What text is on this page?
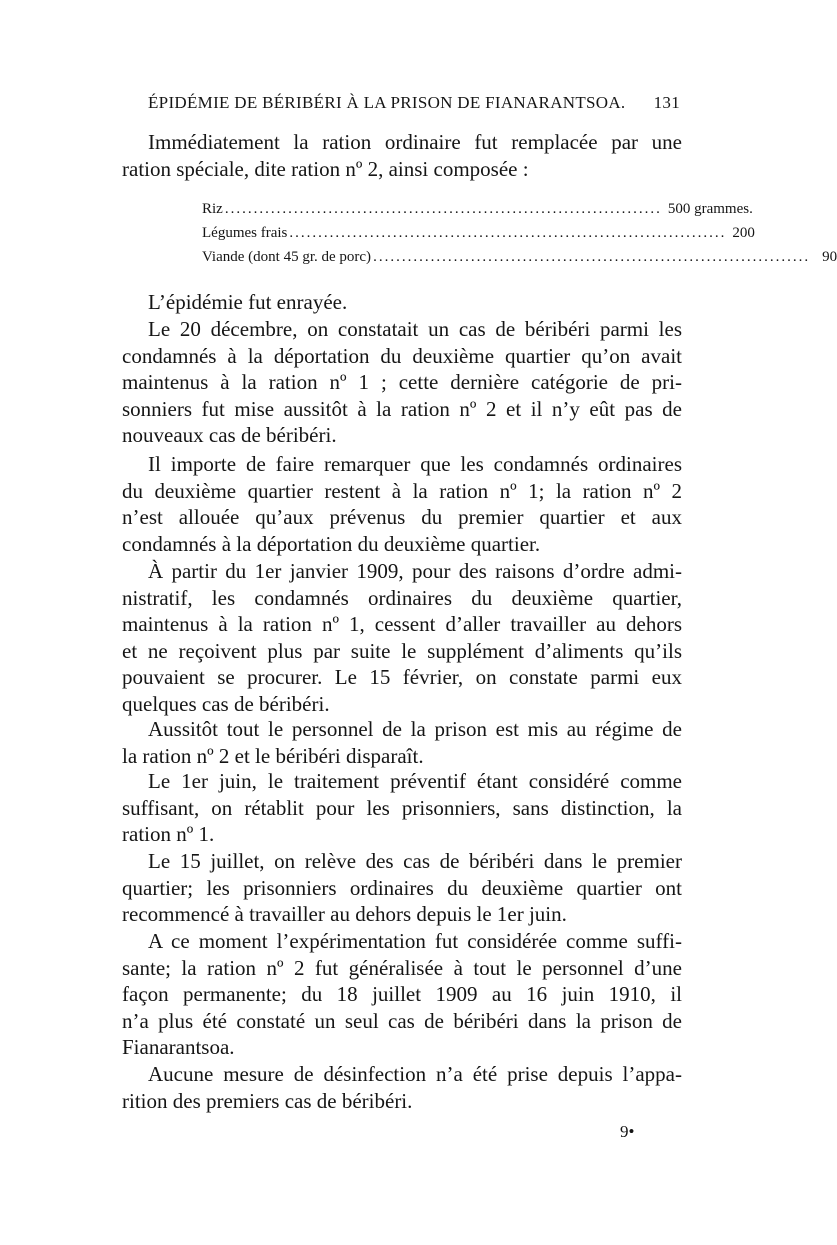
ÉPIDÉMIE DE BÉRIBÉRI À LA PRISON DE FIANARANTSOA. 131
Immédiatement la ration ordinaire fut remplacée par une
ration spéciale, dite ration nº 2, ainsi composée :
Riz ............................................................................ 500 grammes.
Légumes frais ............................................................................ 200
Viande (dont 45 gr. de porc) ............................................................................ 90
L’épidémie fut enrayée.
Le 20 décembre, on constatait un cas de béribéri parmi les
condamnés à la déportation du deuxième quartier qu’on avait
maintenus à la ration nº 1 ; cette dernière catégorie de pri-
sonniers fut mise aussitôt à la ration nº 2 et il n’y eût pas de
nouveaux cas de béribéri.
Il importe de faire remarquer que les condamnés ordinaires
du deuxième quartier restent à la ration nº 1; la ration nº 2
n’est allouée qu’aux prévenus du premier quartier et aux
condamnés à la déportation du deuxième quartier.
À partir du 1er janvier 1909, pour des raisons d’ordre admi-
nistratif, les condamnés ordinaires du deuxième quartier,
maintenus à la ration nº 1, cessent d’aller travailler au dehors
et ne reçoivent plus par suite le supplément d’aliments qu’ils
pouvaient se procurer. Le 15 février, on constate parmi eux
quelques cas de béribéri.
Aussitôt tout le personnel de la prison est mis au régime de
la ration nº 2 et le béribéri disparaît.
Le 1er juin, le traitement préventif étant considéré comme
suffisant, on rétablit pour les prisonniers, sans distinction, la
ration nº 1.
Le 15 juillet, on relève des cas de béribéri dans le premier
quartier; les prisonniers ordinaires du deuxième quartier ont
recommencé à travailler au dehors depuis le 1er juin.
A ce moment l’expérimentation fut considérée comme suffi-
sante; la ration nº 2 fut généralisée à tout le personnel d’une
façon permanente; du 18 juillet 1909 au 16 juin 1910, il
n’a plus été constaté un seul cas de béribéri dans la prison de
Fianarantsoa.
Aucune mesure de désinfection n’a été prise depuis l’appa-
rition des premiers cas de béribéri.
9•
